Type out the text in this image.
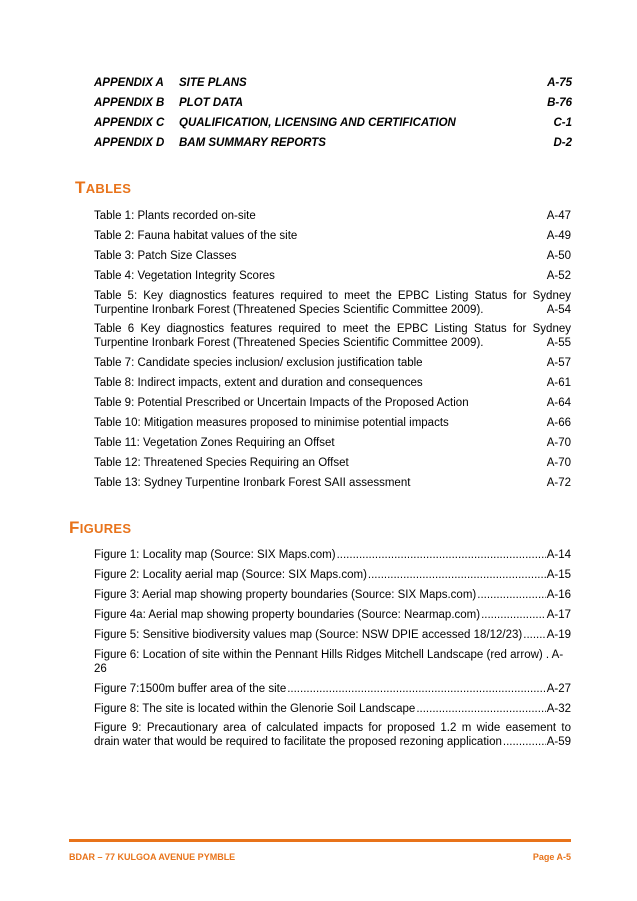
APPENDIX A SITE PLANS	A-75
APPENDIX B PLOT DATA	B-76
APPENDIX C QUALIFICATION, LICENSING AND CERTIFICATION	C-1
APPENDIX D BAM SUMMARY REPORTS	D-2
TABLES
Table 1: Plants recorded on-site	A-47
Table 2: Fauna habitat values of the site	A-49
Table 3: Patch Size Classes	A-50
Table 4: Vegetation Integrity Scores	A-52
Table 5: Key diagnostics features required to meet the EPBC Listing Status for Sydney Turpentine Ironbark Forest (Threatened Species Scientific Committee 2009).	A-54
Table 6 Key diagnostics features required to meet the EPBC Listing Status for Sydney Turpentine Ironbark Forest (Threatened Species Scientific Committee 2009).	A-55
Table 7: Candidate species inclusion/ exclusion justification table	A-57
Table 8: Indirect impacts, extent and duration and consequences	A-61
Table 9: Potential Prescribed or Uncertain Impacts of the Proposed Action	A-64
Table 10: Mitigation measures proposed to minimise potential impacts	A-66
Table 11: Vegetation Zones Requiring an Offset	A-70
Table 12: Threatened Species Requiring an Offset	A-70
Table 13: Sydney Turpentine Ironbark Forest SAII assessment	A-72
FIGURES
Figure 1: Locality map (Source: SIX Maps.com) .....	A-14
Figure 2: Locality aerial map (Source: SIX Maps.com) .....	A-15
Figure 3: Aerial map showing property boundaries (Source: SIX Maps.com) .....	A-16
Figure 4a: Aerial map showing property boundaries (Source: Nearmap.com) .....	A-17
Figure 5: Sensitive biodiversity values map (Source: NSW DPIE accessed 18/12/23) ..... A-19
Figure 6: Location of site within the Pennant Hills Ridges Mitchell Landscape (red arrow) . A-
26
Figure 7:1500m buffer area of the site .....	A-27
Figure 8: The site is located within the Glenorie Soil Landscape .....	A-32
Figure 9: Precautionary area of calculated impacts for proposed 1.2 m wide easement to
drain water that would be required to facilitate the proposed rezoning application .....	A-59
BDAR – 77 KULGOA AVENUE PYMBLE	Page A-5
